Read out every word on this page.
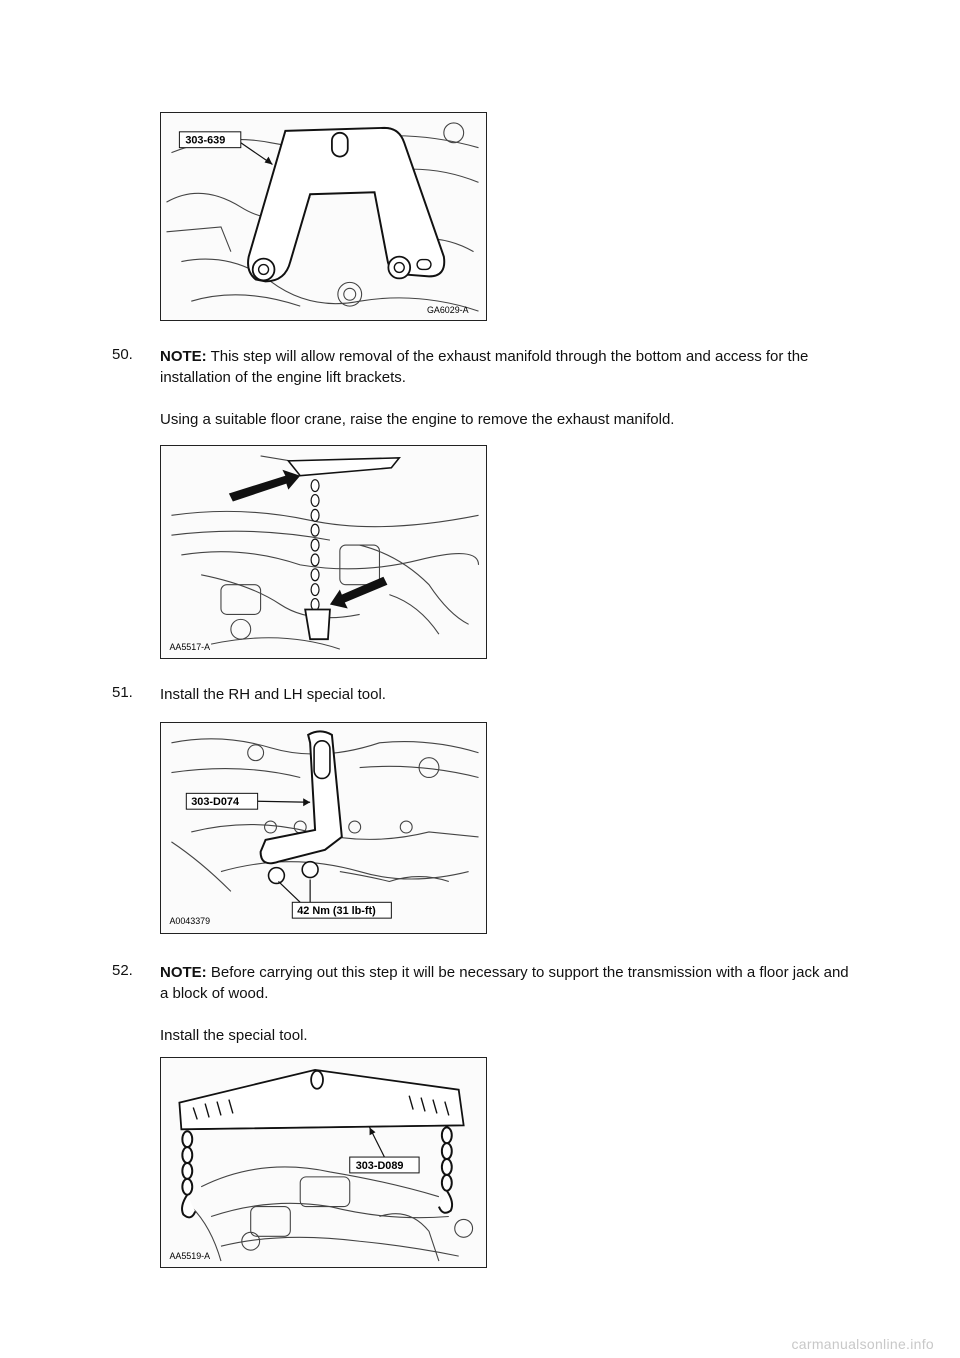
303-639
GA6029-A
50. NOTE: This step will allow removal of the exhaust manifold through the bottom and access for the installation of the engine lift brackets.
Using a suitable floor crane, raise the engine to remove the exhaust manifold.
AA5517-A
51. Install the RH and LH special tool.
303-D074
42 Nm (31 lb-ft)
A0043379
52. NOTE: Before carrying out this step it will be necessary to support the transmission with a floor jack and a block of wood.
Install the special tool.
303-D089
AA5519-A
carmanualsonline.info
